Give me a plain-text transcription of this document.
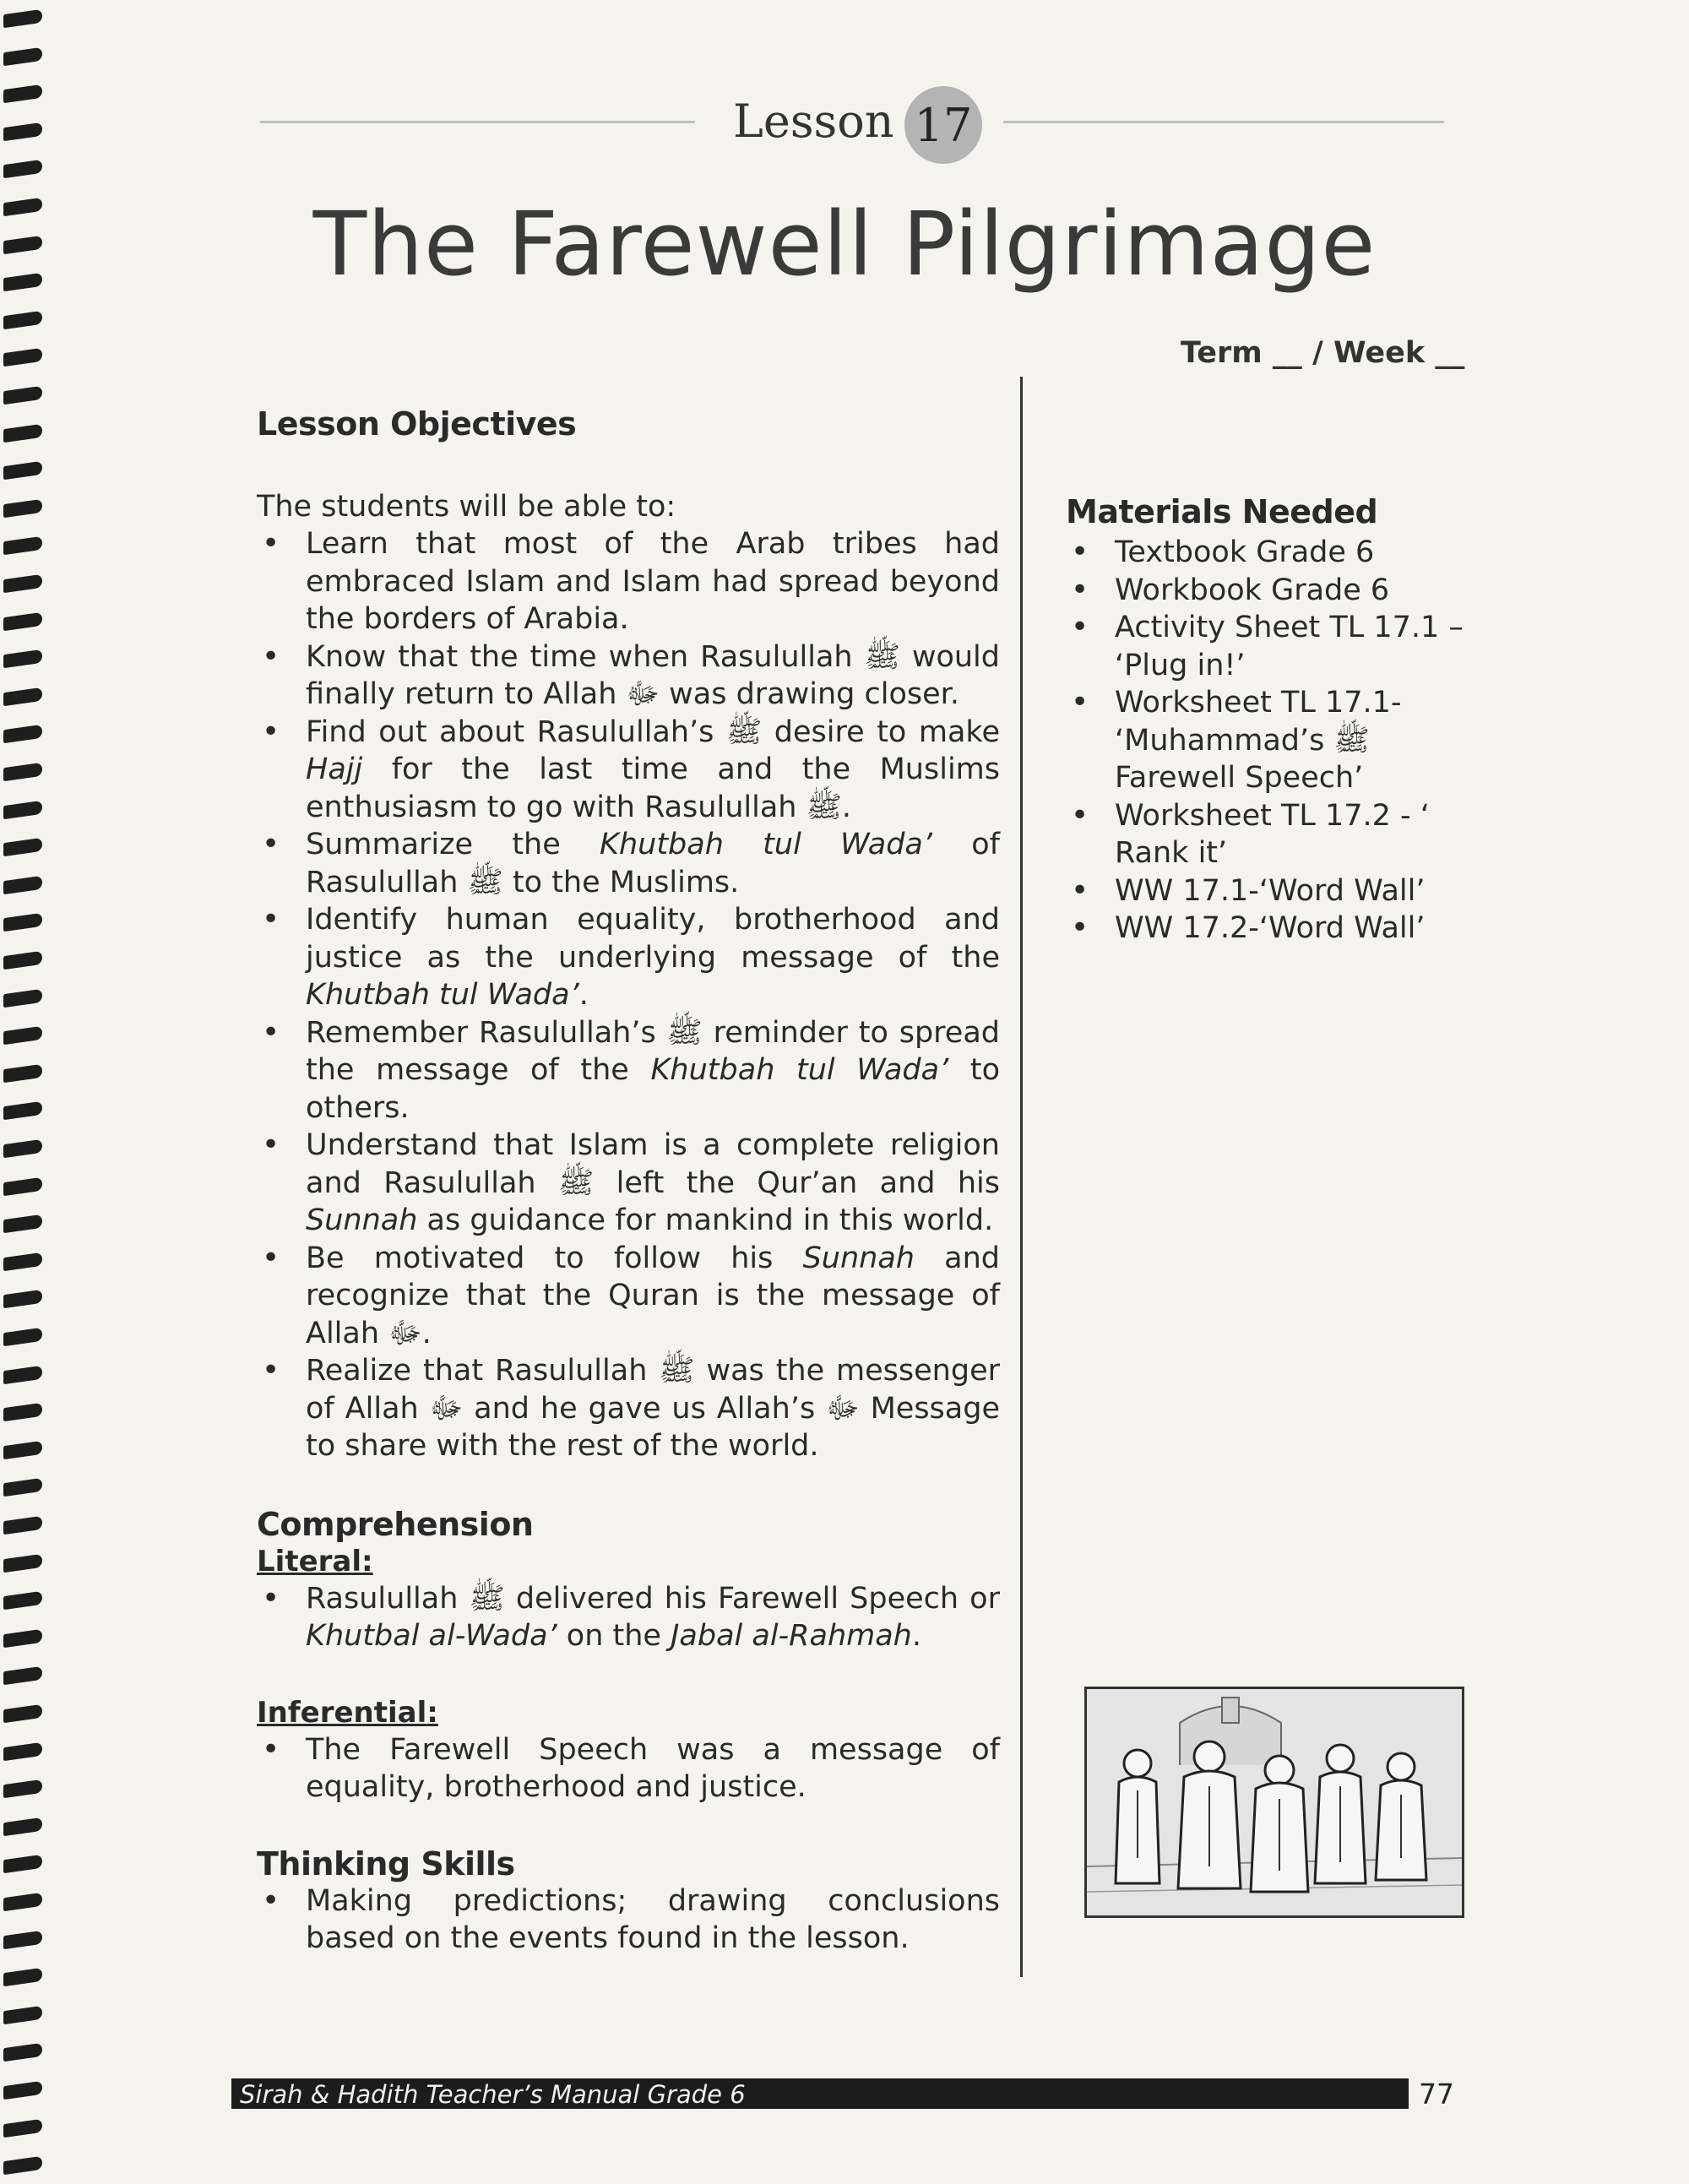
Lesson 17
The Farewell Pilgrimage
Term __ / Week __
Lesson Objectives

The students will be able to:

• Learn that most of the Arab tribes had embraced Islam and Islam had spread beyond the borders of Arabia.
• Know that the time when Rasulullah ﷺ would finally return to Allah ﷻ was drawing closer.
• Find out about Rasulullah’s ﷺ desire to make Hajj for the last time and the Muslims enthusiasm to go with Rasulullah ﷺ.
• Summarize the Khutbah tul Wada’ of Rasulullah ﷺ to the Muslims.
• Identify human equality, brotherhood and justice as the underlying message of the Khutbah tul Wada’.
• Remember Rasulullah’s ﷺ reminder to spread the message of the Khutbah tul Wada’ to others.
• Understand that Islam is a complete religion and Rasulullah ﷺ left the Qur’an and his Sunnah as guidance for mankind in this world.
• Be motivated to follow his Sunnah and recognize that the Quran is the message of Allah ﷻ.
• Realize that Rasulullah ﷺ was the messenger of Allah ﷻ and he gave us Allah’s ﷻ Message to share with the rest of the world.
Comprehension

Literal:

• Rasulullah ﷺ delivered his Farewell Speech or Khutbal al-Wada’ on the Jabal al-Rahmah.

Inferential:

• The Farewell Speech was a message of equality, brotherhood and justice.
Thinking Skills
• Making predictions; drawing conclusions based on the events found in the lesson.
Materials Needed
• Textbook Grade 6
• Workbook Grade 6
• Activity Sheet TL 17.1 – ‘Plug in!’
• Worksheet TL 17.1- ‘Muhammad’s ﷺ Farewell Speech’
• Worksheet TL 17.2 - ‘ Rank it’
• WW 17.1-‘Word Wall’
• WW 17.2-‘Word Wall’
Sirah & Hadith Teacher’s Manual Grade 6	77
